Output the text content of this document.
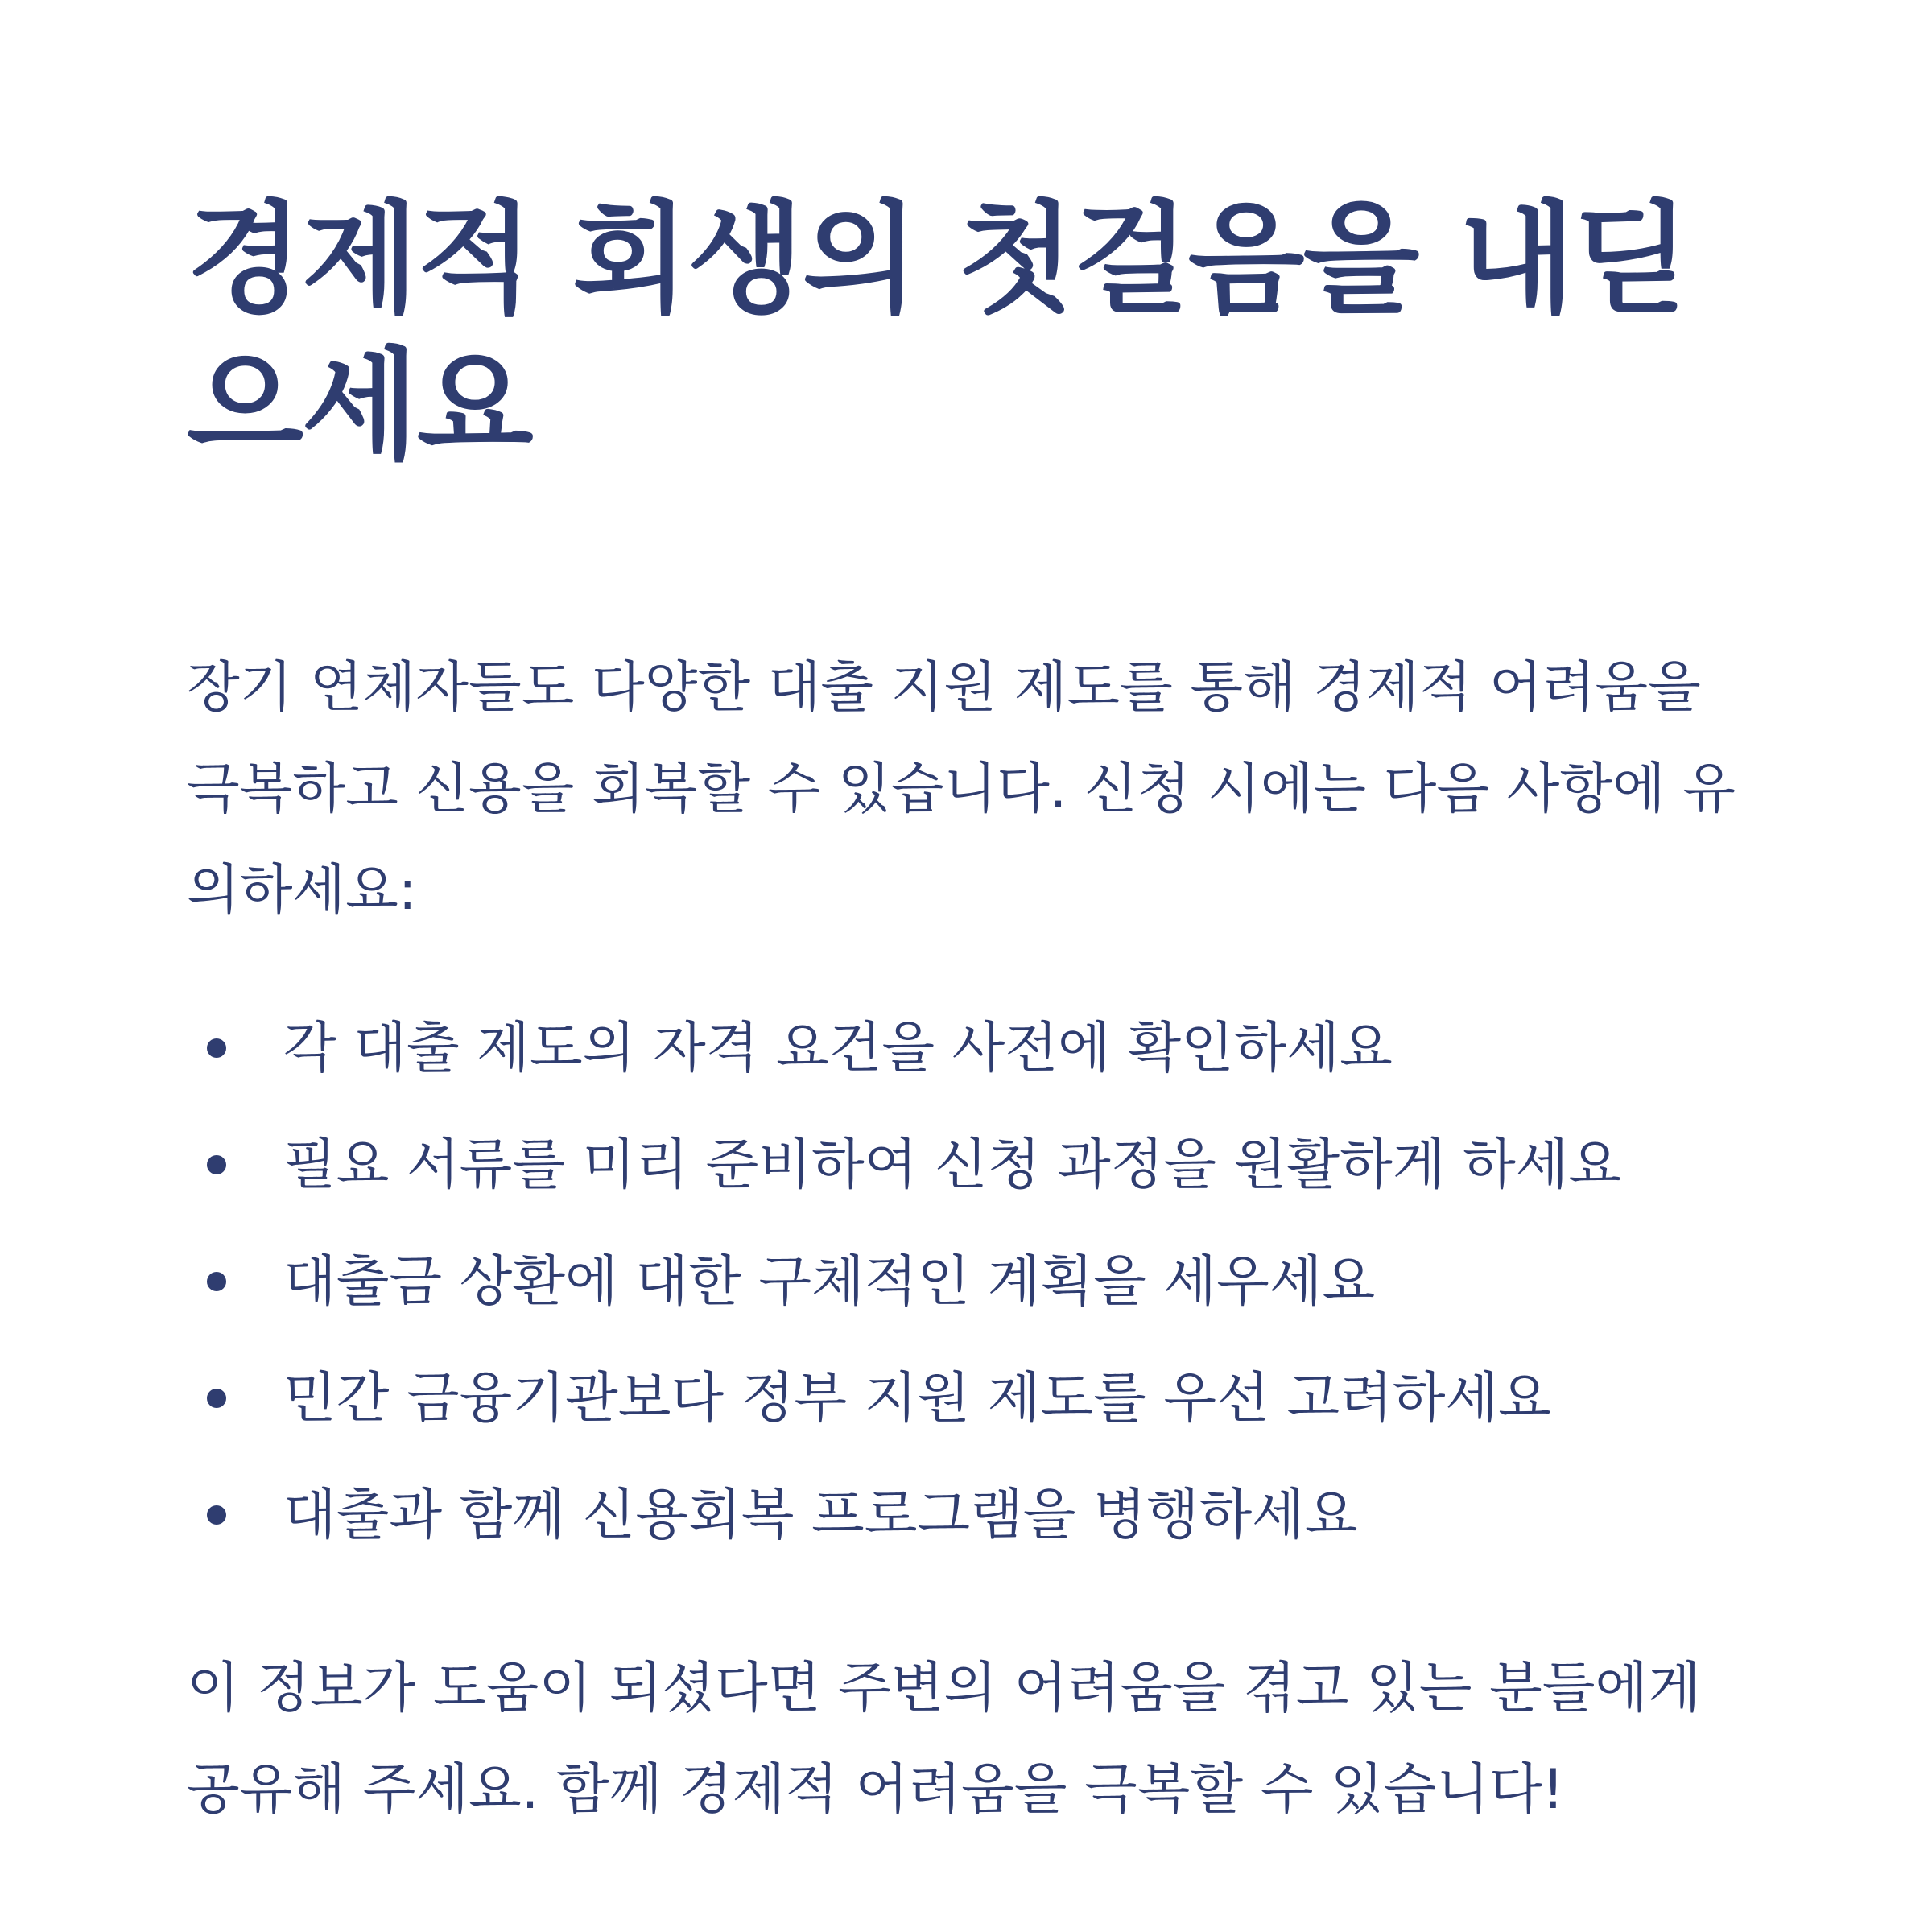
경제적 회생의 첫걸음을 내딛으세요

장기 연체자들도 다양한 대출 지원 제도를 통해 경제적 어려움을 극복하고 신용을 회복할 수 있습니다. 신청 시에는 다음 사항에 유의하세요:

각 대출 제도의 자격 요건을 사전에 확인하세요
필요 서류를 미리 준비하여 신청 과정을 원활하게 하세요
대출금 상환에 대한 구체적인 계획을 세우세요
민간 금융기관보다 정부 지원 제도를 우선 고려하세요
대출과 함께 신용회복 프로그램을 병행하세요

이 정보가 도움이 되셨다면 주변의 어려움을 겪고 있는 분들에게 공유해 주세요. 함께 경제적 어려움을 극복할 수 있습니다!
